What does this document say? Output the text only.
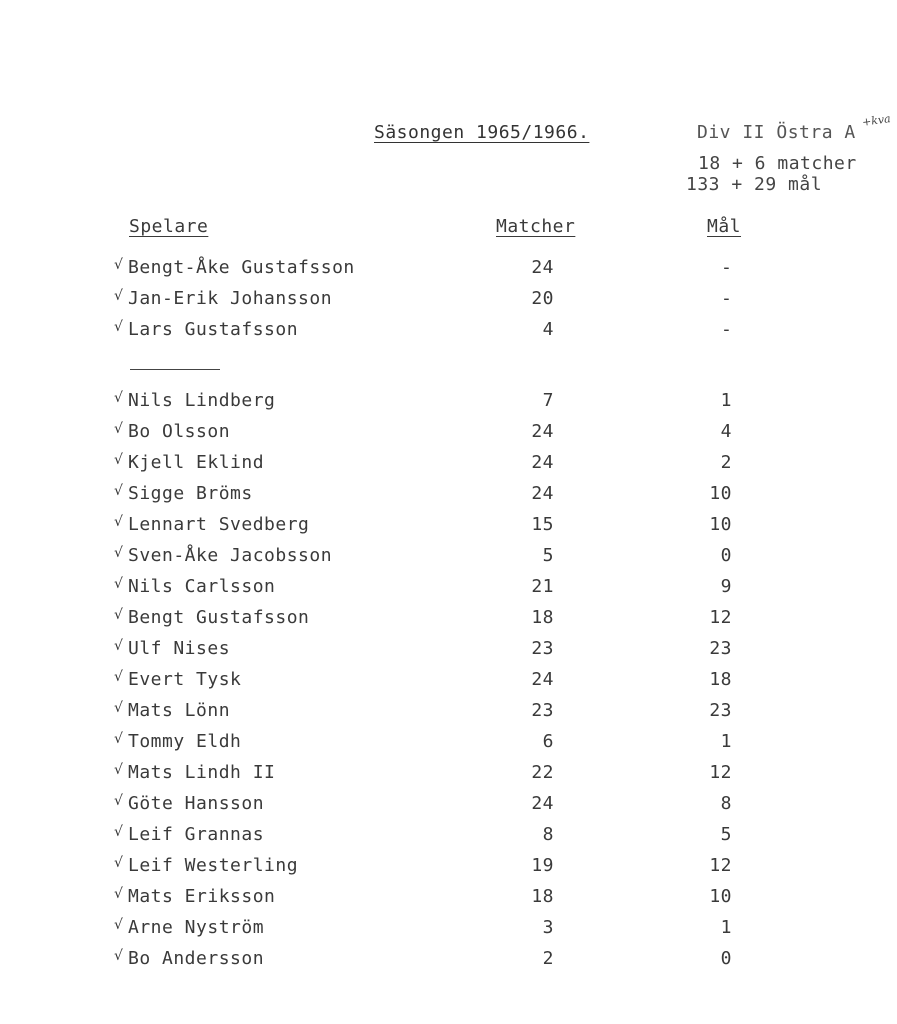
Säsongen 1965/1966.	Div II Östra A
+kva
18 + 6 matcher
133 + 29 mål
Spelare	Matcher	Mål
√ Bengt-Åke Gustafsson	24	-
√ Jan-Erik Johansson	20	-
√ Lars Gustafsson	4	-
√ Nils Lindberg	7	1
√ Bo Olsson	24	4
√ Kjell Eklind	24	2
√ Sigge Bröms	24	10
√ Lennart Svedberg	15	10
√ Sven-Åke Jacobsson	5	0
√ Nils Carlsson	21	9
√ Bengt Gustafsson	18	12
√ Ulf Nises	23	23
√ Evert Tysk	24	18
√ Mats Lönn	23	23
√ Tommy Eldh	6	1
√ Mats Lindh II	22	12
√ Göte Hansson	24	8
√ Leif Grannas	8	5
√ Leif Westerling	19	12
√ Mats Eriksson	18	10
√ Arne Nyström	3	1
√ Bo Andersson	2	0
